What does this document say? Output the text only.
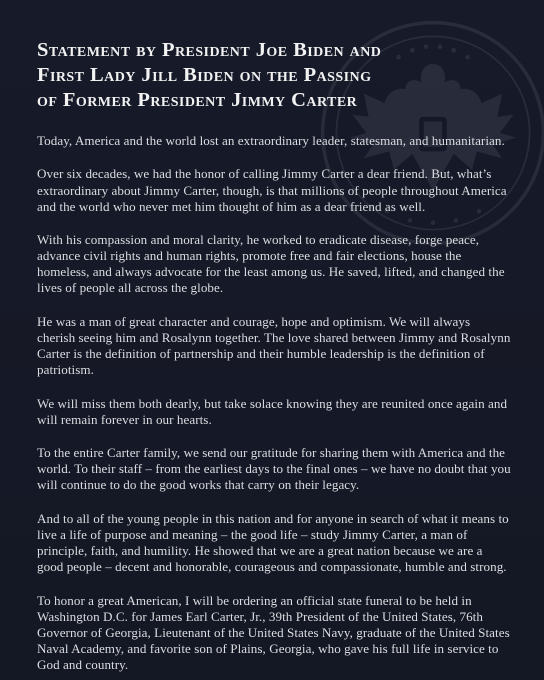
Statement by President Joe Biden and
First Lady Jill Biden on the Passing
of Former President Jimmy Carter

Today, America and the world lost an extraordinary leader, statesman, and humanitarian.

Over six decades, we had the honor of calling Jimmy Carter a dear friend. But, what’s extraordinary about Jimmy Carter, though, is that millions of people throughout America and the world who never met him thought of him as a dear friend as well.

With his compassion and moral clarity, he worked to eradicate disease, forge peace, advance civil rights and human rights, promote free and fair elections, house the homeless, and always advocate for the least among us. He saved, lifted, and changed the lives of people all across the globe.

He was a man of great character and courage, hope and optimism. We will always cherish seeing him and Rosalynn together. The love shared between Jimmy and Rosalynn Carter is the definition of partnership and their humble leadership is the definition of patriotism.

We will miss them both dearly, but take solace knowing they are reunited once again and will remain forever in our hearts.

To the entire Carter family, we send our gratitude for sharing them with America and the world. To their staff – from the earliest days to the final ones – we have no doubt that you will continue to do the good works that carry on their legacy.

And to all of the young people in this nation and for anyone in search of what it means to live a life of purpose and meaning – the good life – study Jimmy Carter, a man of principle, faith, and humility. He showed that we are a great nation because we are a good people – decent and honorable, courageous and compassionate, humble and strong.

To honor a great American, I will be ordering an official state funeral to be held in Washington D.C. for James Earl Carter, Jr., 39th President of the United States, 76th Governor of Georgia, Lieutenant of the United States Navy, graduate of the United States Naval Academy, and favorite son of Plains, Georgia, who gave his full life in service to God and country.
